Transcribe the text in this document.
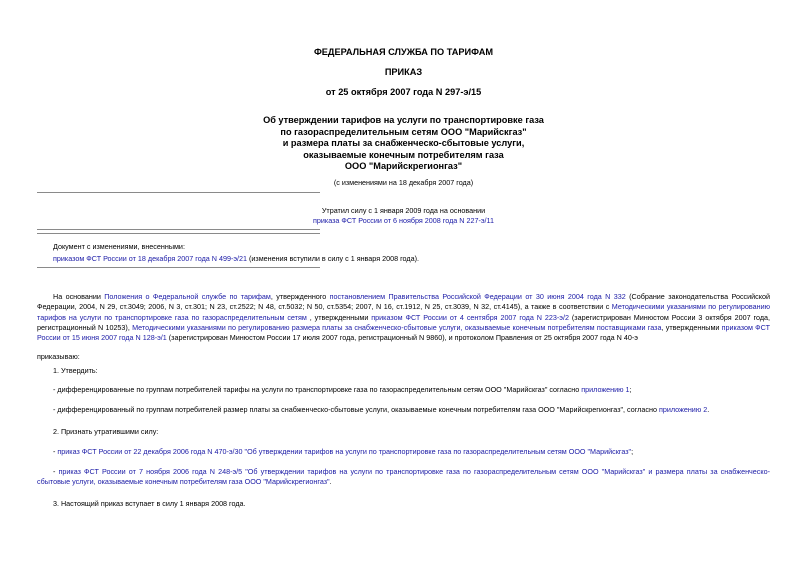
ФЕДЕРАЛЬНАЯ СЛУЖБА ПО ТАРИФАМ
ПРИКАЗ
от 25 октября 2007 года N 297-э/15
Об утверждении тарифов на услуги по транспортировке газа
по газораспределительным сетям ООО "Марийскгаз"
и размера платы за снабженческо-сбытовые услуги,
оказываемые конечным потребителям газа
ООО "Марийскрегионгаз"
(с изменениями на 18 декабря 2007 года)
Утратил силу с 1 января 2009 года на основании
приказа ФСТ России от 6 ноября 2008 года N 227-э/11
Документ с изменениями, внесенными:
приказом ФСТ России от 18 декабря 2007 года N 499-э/21 (изменения вступили в силу с 1 января 2008 года).
На основании Положения о Федеральной службе по тарифам, утвержденного постановлением Правительства Российской Федерации от 30 июня 2004 года N 332 (Собрание законодательства Российской Федерации, 2004, N 29, ст.3049; 2006, N 3, ст.301; N 23, ст.2522; N 48, ст.5032; N 50, ст.5354; 2007, N 16, ст.1912, N 25, ст.3039, N 32, ст.4145), а также в соответствии с Методическими указаниями по регулированию тарифов на услуги по транспортировке газа по газораспределительным сетям , утвержденными приказом ФСТ России от 4 сентября 2007 года N 223-э/2 (зарегистрирован Минюстом России 3 октября 2007 года, регистрационный N 10253), Методическими указаниями по регулированию размера платы за снабженческо-сбытовые услуги, оказываемые конечным потребителям поставщиками газа, утвержденными приказом ФСТ России от 15 июня 2007 года N 128-э/1 (зарегистрирован Минюстом России 17 июля 2007 года, регистрационный N 9860), и протоколом Правления от 25 октября 2007 года N 40-э
приказываю:
1. Утвердить:
- дифференцированные по группам потребителей тарифы на услуги по транспортировке газа по газораспределительным сетям ООО "Марийскгаз" согласно приложению 1;
- дифференцированный по группам потребителей размер платы за снабженческо-сбытовые услуги, оказываемые конечным потребителям газа ООО "Марийскрегионгаз", согласно приложению 2.
2. Признать утратившими силу:
- приказ ФСТ России от 22 декабря 2006 года N 470-э/30 "Об утверждении тарифов на услуги по транспортировке газа по газораспределительным сетям ООО "Марийскгаз";
- приказ ФСТ России от 7 ноября 2006 года N 248-э/5 "Об утверждении тарифов на услуги по транспортировке газа по газораспределительным сетям ООО "Марийскгаз" и размера платы за снабженческо-сбытовые услуги, оказываемые конечным потребителям газа ООО "Марийскрегионгаз".
3. Настоящий приказ вступает в силу 1 января 2008 года.
